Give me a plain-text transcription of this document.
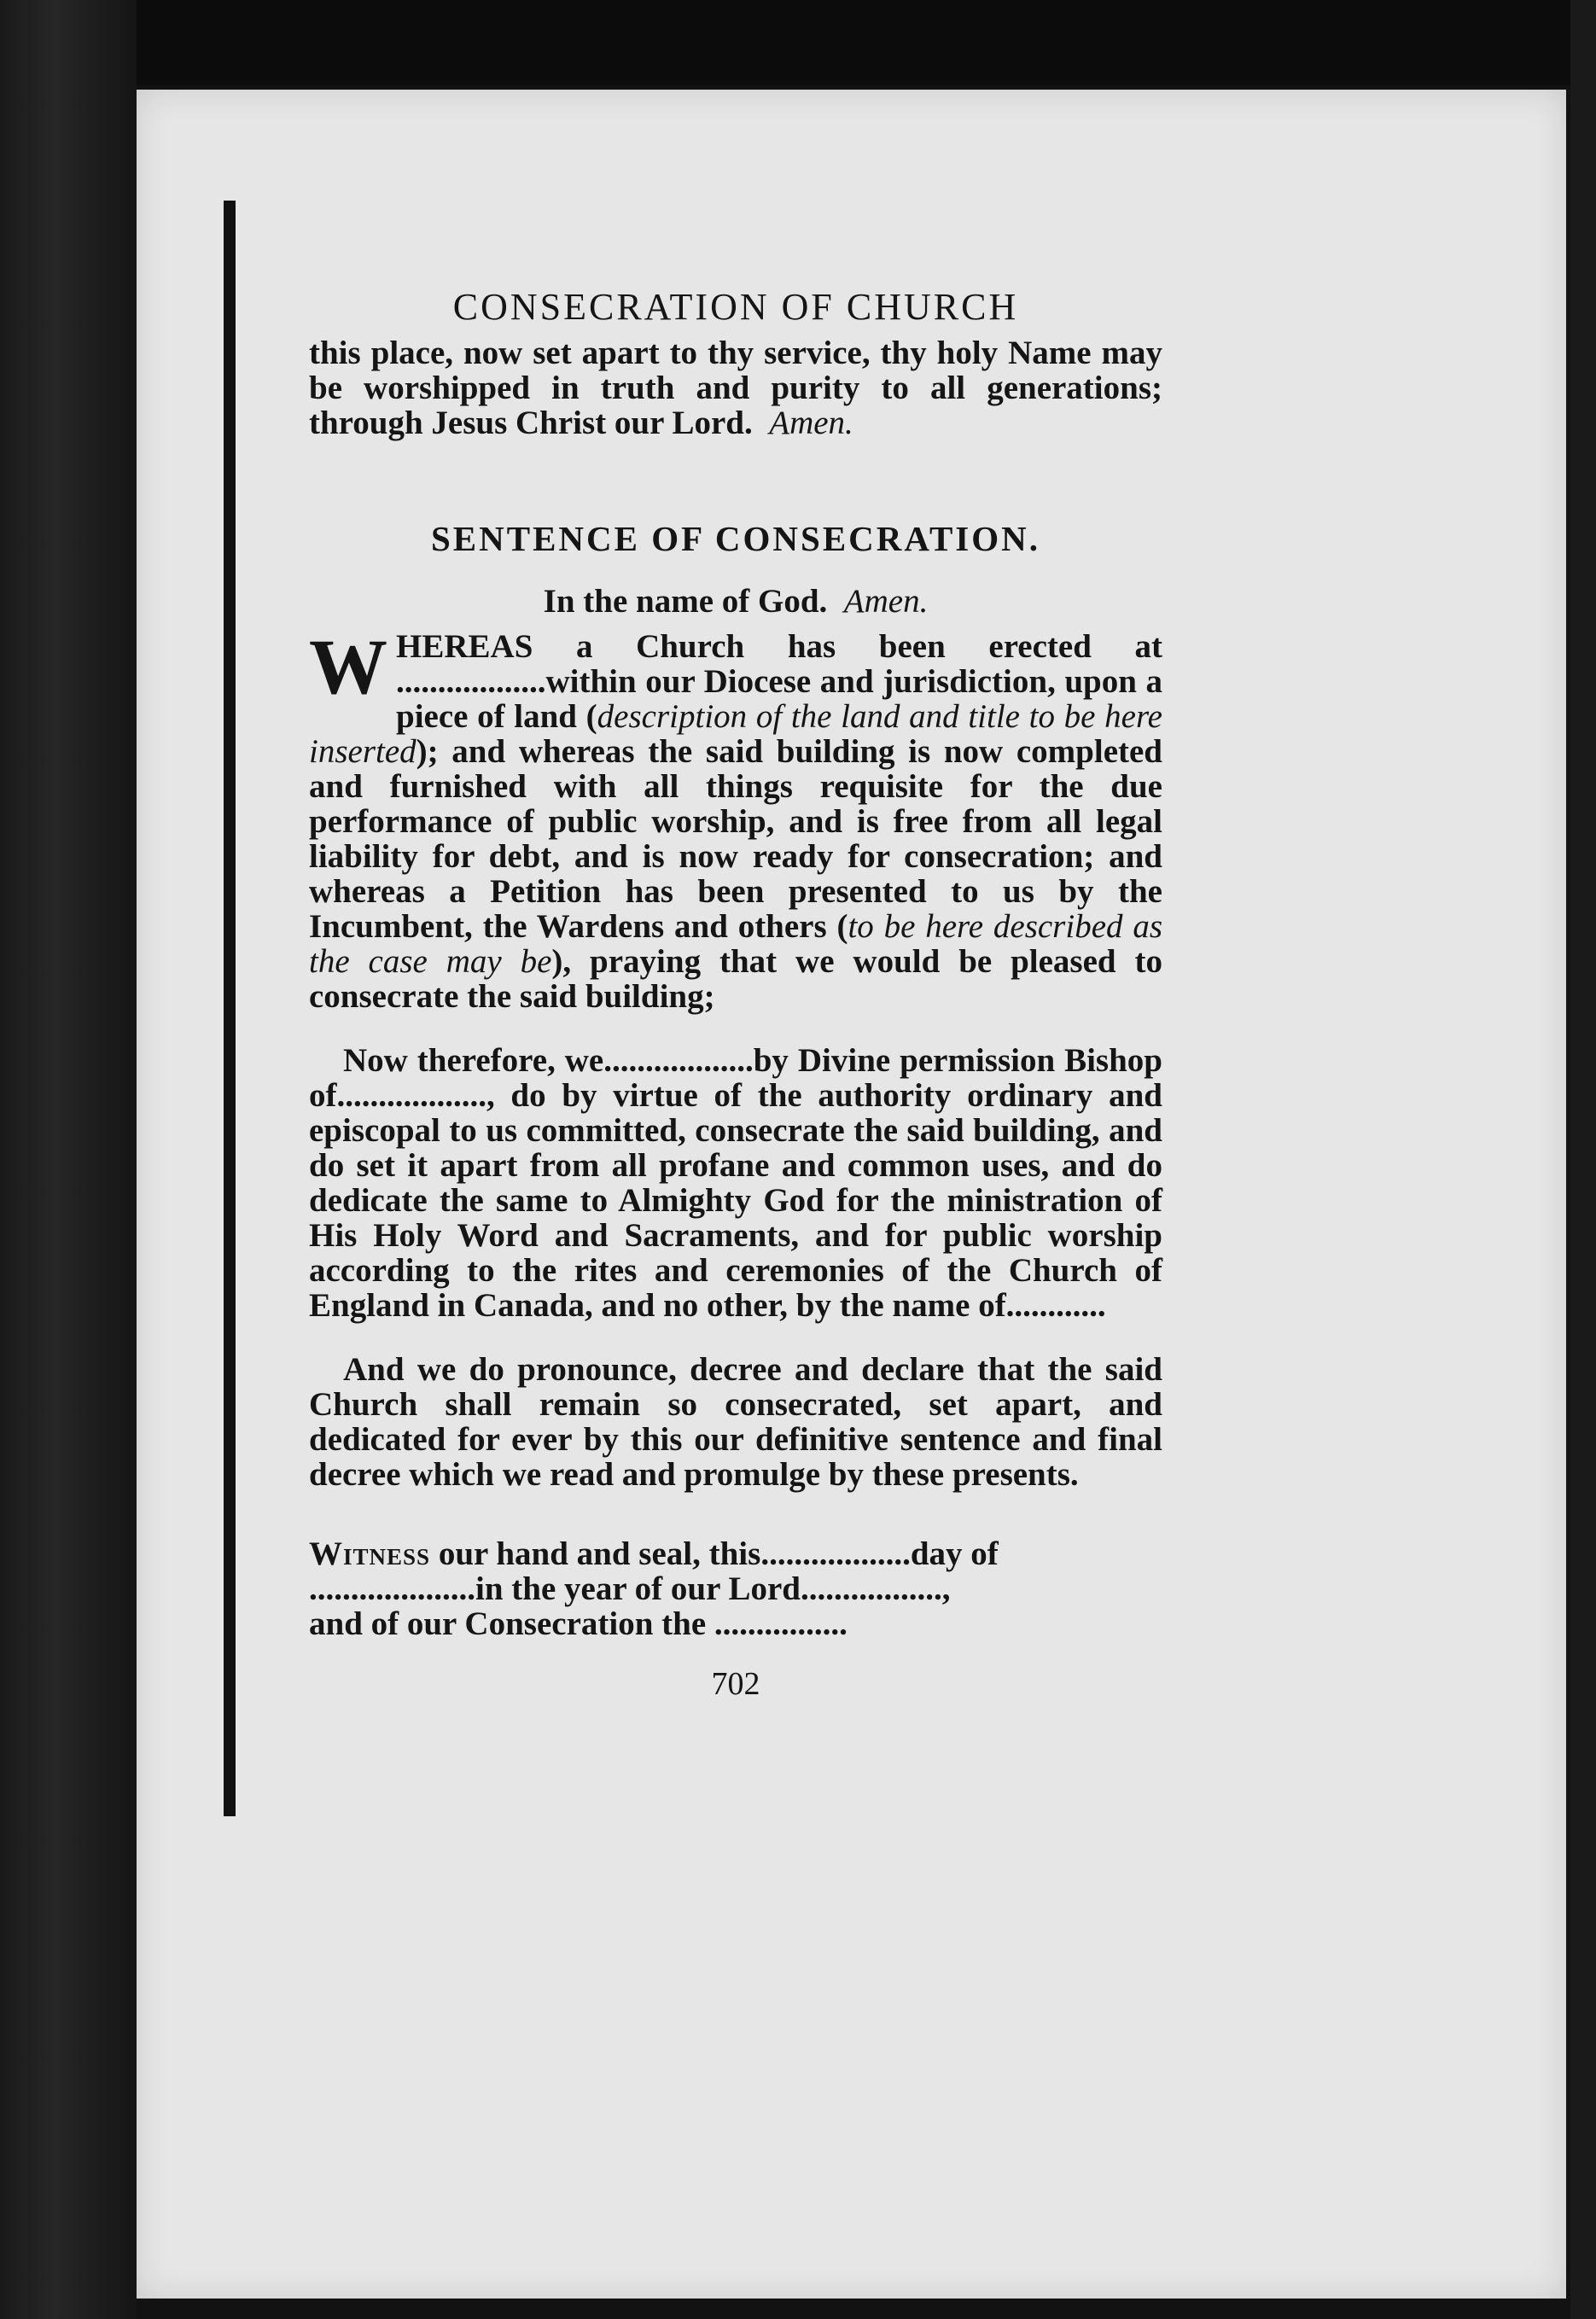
CONSECRATION OF CHURCH

this place, now set apart to thy service, thy holy Name may be worshipped in truth and purity to all generations; through Jesus Christ our Lord. Amen.

SENTENCE OF CONSECRATION.
In the name of God. Amen.

WHEREAS a Church has been erected at ..................within our Diocese and jurisdiction, upon a piece of land (description of the land and title to be here inserted); and whereas the said building is now completed and furnished with all things requisite for the due performance of public worship, and is free from all legal liability for debt, and is now ready for consecration; and whereas a Petition has been presented to us by the Incumbent, the Wardens and others (to be here described as the case may be), praying that we would be pleased to consecrate the said building;

Now therefore, we..................by Divine permission Bishop of.................., do by virtue of the authority ordinary and episcopal to us committed, consecrate the said building, and do set it apart from all profane and common uses, and do dedicate the same to Almighty God for the ministration of His Holy Word and Sacraments, and for public worship according to the rites and ceremonies of the Church of England in Canada, and no other, by the name of............

And we do pronounce, decree and declare that the said Church shall remain so consecrated, set apart, and dedicated for ever by this our definitive sentence and final decree which we read and promulge by these presents.

Witness our hand and seal, this..................day of

....................in the year of our Lord.................,

and of our Consecration the ................

702
